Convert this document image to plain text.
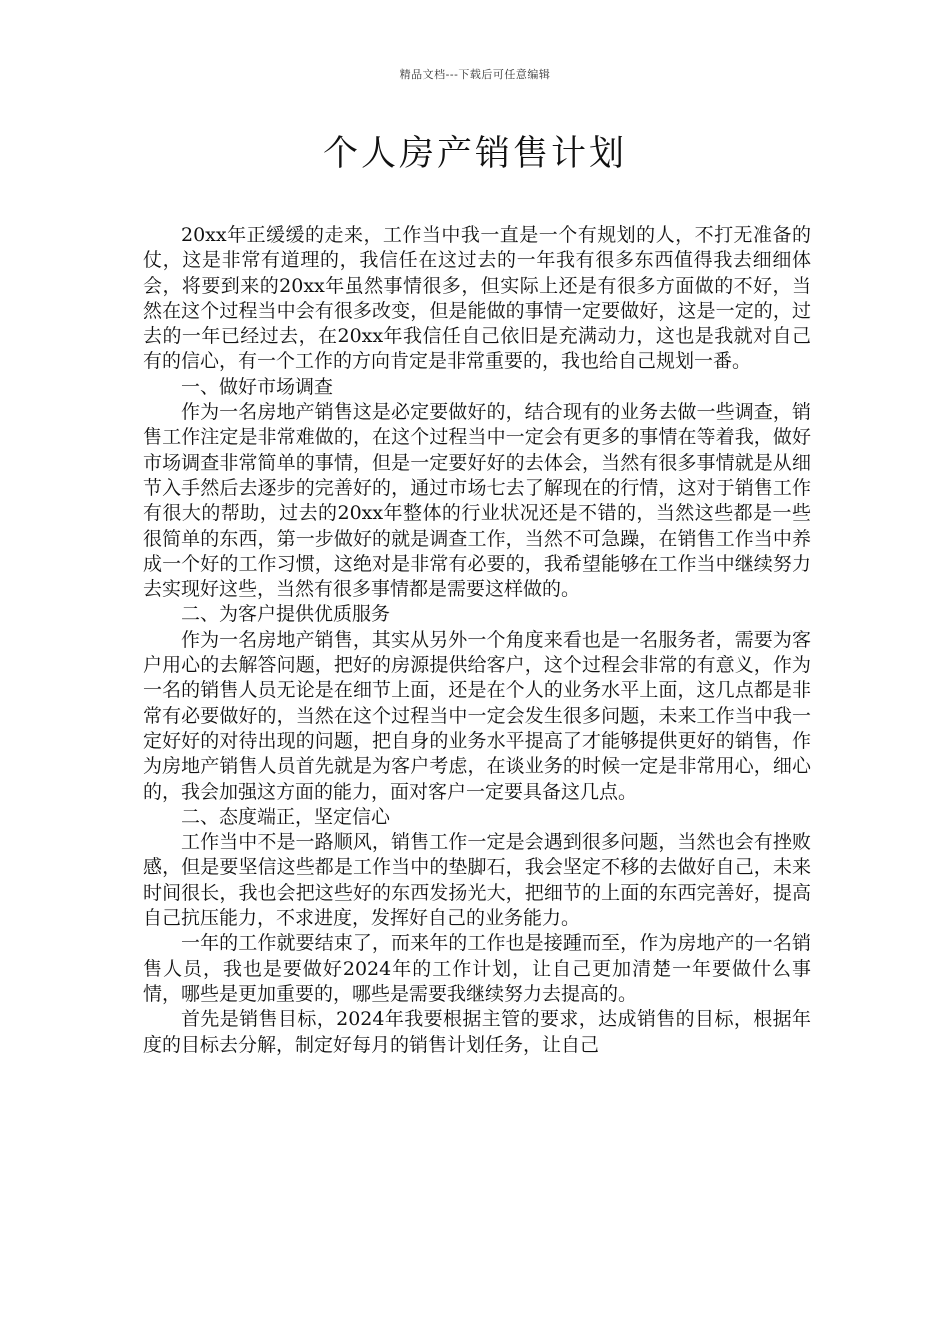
精品文档---下载后可任意编辑
个人房产销售计划

20xx年正缓缓的走来，工作当中我一直是一个有规划的人，不打无准备的仗，这是非常有道理的，我信任在这过去的一年我有很多东西值得我去细细体会，将要到来的20xx年虽然事情很多，但实际上还是有很多方面做的不好，当然在这个过程当中会有很多改变，但是能做的事情一定要做好，这是一定的，过去的一年已经过去，在20xx年我信任自己依旧是充满动力，这也是我就对自己有的信心，有一个工作的方向肯定是非常重要的，我也给自己规划一番。

一、做好市场调查

作为一名房地产销售这是必定要做好的，结合现有的业务去做一些调查，销售工作注定是非常难做的，在这个过程当中一定会有更多的事情在等着我，做好市场调查非常简单的事情，但是一定要好好的去体会，当然有很多事情就是从细节入手然后去逐步的完善好的，通过市场七去了解现在的行情，这对于销售工作有很大的帮助，过去的20xx年整体的行业状况还是不错的，当然这些都是一些很简单的东西，第一步做好的就是调查工作，当然不可急躁，在销售工作当中养成一个好的工作习惯，这绝对是非常有必要的，我希望能够在工作当中继续努力去实现好这些，当然有很多事情都是需要这样做的。

二、为客户提供优质服务

作为一名房地产销售，其实从另外一个角度来看也是一名服务者，需要为客户用心的去解答问题，把好的房源提供给客户，这个过程会非常的有意义，作为一名的销售人员无论是在细节上面，还是在个人的业务水平上面，这几点都是非常有必要做好的，当然在这个过程当中一定会发生很多问题，未来工作当中我一定好好的对待出现的问题，把自身的业务水平提高了才能够提供更好的销售，作为房地产销售人员首先就是为客户考虑，在谈业务的时候一定是非常用心，细心的，我会加强这方面的能力，面对客户一定要具备这几点。

二、态度端正，坚定信心

工作当中不是一路顺风，销售工作一定是会遇到很多问题，当然也会有挫败感，但是要坚信这些都是工作当中的垫脚石，我会坚定不移的去做好自己，未来时间很长，我也会把这些好的东西发扬光大，把细节的上面的东西完善好，提高自己抗压能力，不求进度，发挥好自己的业务能力。

一年的工作就要结束了，而来年的工作也是接踵而至，作为房地产的一名销售人员，我也是要做好2024年的工作计划，让自己更加清楚一年要做什么事情，哪些是更加重要的，哪些是需要我继续努力去提高的。

首先是销售目标，2024年我要根据主管的要求，达成销售的目标，根据年度的目标去分解，制定好每月的销售计划任务，让自己
